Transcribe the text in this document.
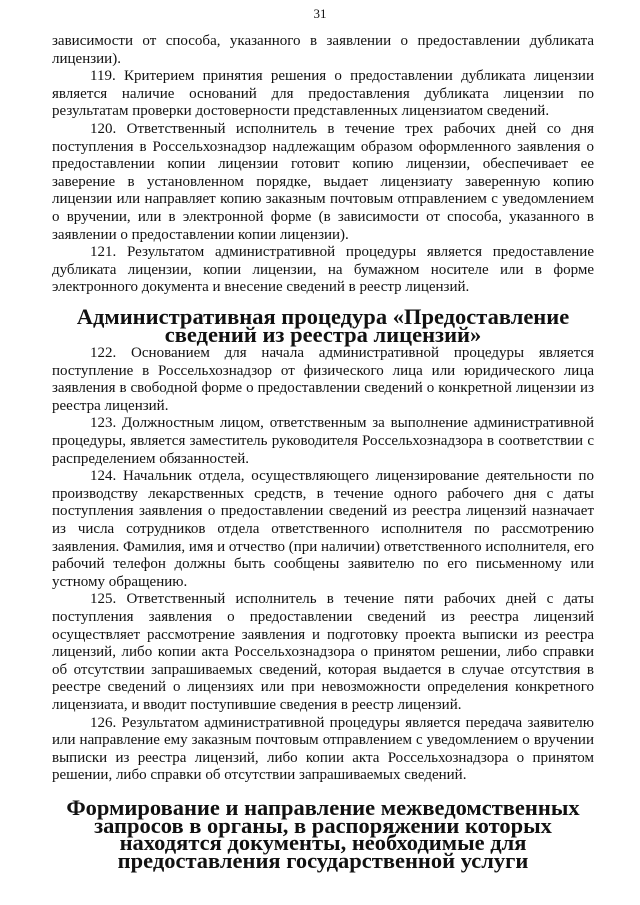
31

зависимости от способа, указанного в заявлении о предоставлении дубликата лицензии).

119. Критерием принятия решения о предоставлении дубликата лицензии является наличие оснований для предоставления дубликата лицензии по результатам проверки достоверности представленных лицензиатом сведений.

120. Ответственный исполнитель в течение трех рабочих дней со дня поступления в Россельхознадзор надлежащим образом оформленного заявления о предоставлении копии лицензии готовит копию лицензии, обеспечивает ее заверение в установленном порядке, выдает лицензиату заверенную копию лицензии или направляет копию заказным почтовым отправлением с уведомлением о вручении, или в электронной форме (в зависимости от способа, указанного в заявлении о предоставлении копии лицензии).

121. Результатом административной процедуры является предоставление дубликата лицензии, копии лицензии, на бумажном носителе или в форме электронного документа и внесение сведений в реестр лицензий.

Административная процедура «Предоставление сведений из реестра лицензий»

122. Основанием для начала административной процедуры является поступление в Россельхознадзор от физического лица или юридического лица заявления в свободной форме о предоставлении сведений о конкретной лицензии из реестра лицензий.

123. Должностным лицом, ответственным за выполнение административной процедуры, является заместитель руководителя Россельхознадзора в соответствии с распределением обязанностей.

124. Начальник отдела, осуществляющего лицензирование деятельности по производству лекарственных средств, в течение одного рабочего дня с даты поступления заявления о предоставлении сведений из реестра лицензий назначает из числа сотрудников отдела ответственного исполнителя по рассмотрению заявления. Фамилия, имя и отчество (при наличии) ответственного исполнителя, его рабочий телефон должны быть сообщены заявителю по его письменному или устному обращению.

125. Ответственный исполнитель в течение пяти рабочих дней с даты поступления заявления о предоставлении сведений из реестра лицензий осуществляет рассмотрение заявления и подготовку проекта выписки из реестра лицензий, либо копии акта Россельхознадзора о принятом решении, либо справки об отсутствии запрашиваемых сведений, которая выдается в случае отсутствия в реестре сведений о лицензиях или при невозможности определения конкретного лицензиата, и вводит поступившие сведения в реестр лицензий.

126. Результатом административной процедуры является передача заявителю или направление ему заказным почтовым отправлением с уведомлением о вручении выписки из реестра лицензий, либо копии акта Россельхознадзора о принятом решении, либо справки об отсутствии запрашиваемых сведений.

Формирование и направление межведомственных запросов в органы, в распоряжении которых находятся документы, необходимые для предоставления государственной услуги
